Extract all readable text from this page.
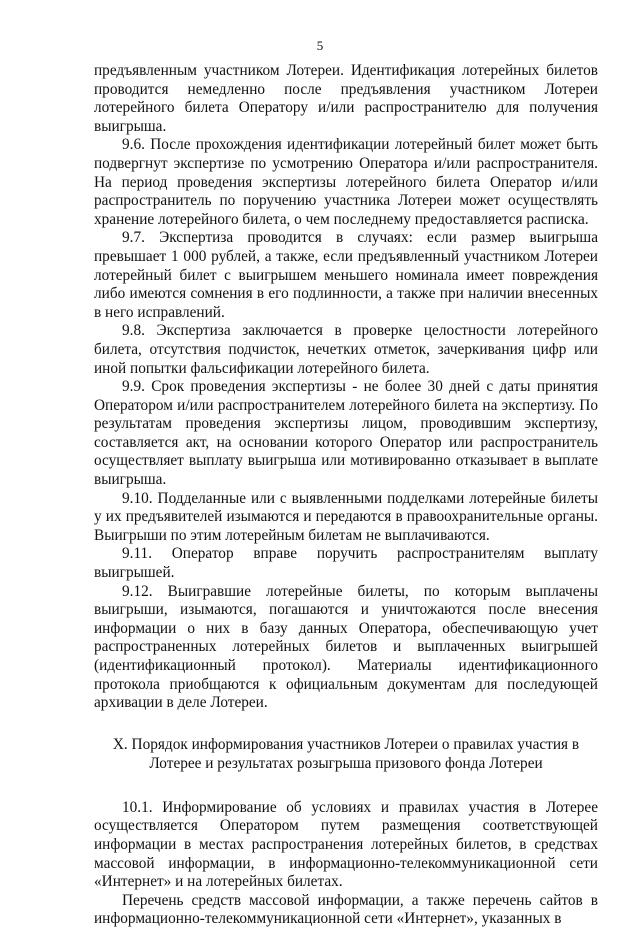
5

предъявленным участником Лотереи. Идентификация лотерейных билетов проводится немедленно после предъявления участником Лотереи лотерейного билета Оператору и/или распространителю для получения выигрыша.

9.6. После прохождения идентификации лотерейный билет может быть подвергнут экспертизе по усмотрению Оператора и/или распространителя. На период проведения экспертизы лотерейного билета Оператор и/или распространитель по поручению участника Лотереи может осуществлять хранение лотерейного билета, о чем последнему предоставляется расписка.

9.7. Экспертиза проводится в случаях: если размер выигрыша превышает 1 000 рублей, а также, если предъявленный участником Лотереи лотерейный билет с выигрышем меньшего номинала имеет повреждения либо имеются сомнения в его подлинности, а также при наличии внесенных в него исправлений.

9.8. Экспертиза заключается в проверке целостности лотерейного билета, отсутствия подчисток, нечетких отметок, зачеркивания цифр или иной попытки фальсификации лотерейного билета.

9.9. Срок проведения экспертизы - не более 30 дней с даты принятия Оператором и/или распространителем лотерейного билета на экспертизу. По результатам проведения экспертизы лицом, проводившим экспертизу, составляется акт, на основании которого Оператор или распространитель осуществляет выплату выигрыша или мотивированно отказывает в выплате выигрыша.

9.10. Подделанные или с выявленными подделками лотерейные билеты у их предъявителей изымаются и передаются в правоохранительные органы. Выигрыши по этим лотерейным билетам не выплачиваются.

9.11. Оператор вправе поручить распространителям выплату выигрышей.

9.12. Выигравшие лотерейные билеты, по которым выплачены выигрыши, изымаются, погашаются и уничтожаются после внесения информации о них в базу данных Оператора, обеспечивающую учет распространенных лотерейных билетов и выплаченных выигрышей (идентификационный протокол). Материалы идентификационного протокола приобщаются к официальным документам для последующей архивации в деле Лотереи.

X. Порядок информирования участников Лотереи о правилах участия в
Лотерее и результатах розыгрыша призового фонда Лотереи

10.1. Информирование об условиях и правилах участия в Лотерее осуществляется Оператором путем размещения соответствующей информации в местах распространения лотерейных билетов, в средствах массовой информации, в информационно-телекоммуникационной сети «Интернет» и на лотерейных билетах.

Перечень средств массовой информации, а также перечень сайтов в информационно-телекоммуникационной сети «Интернет», указанных в
